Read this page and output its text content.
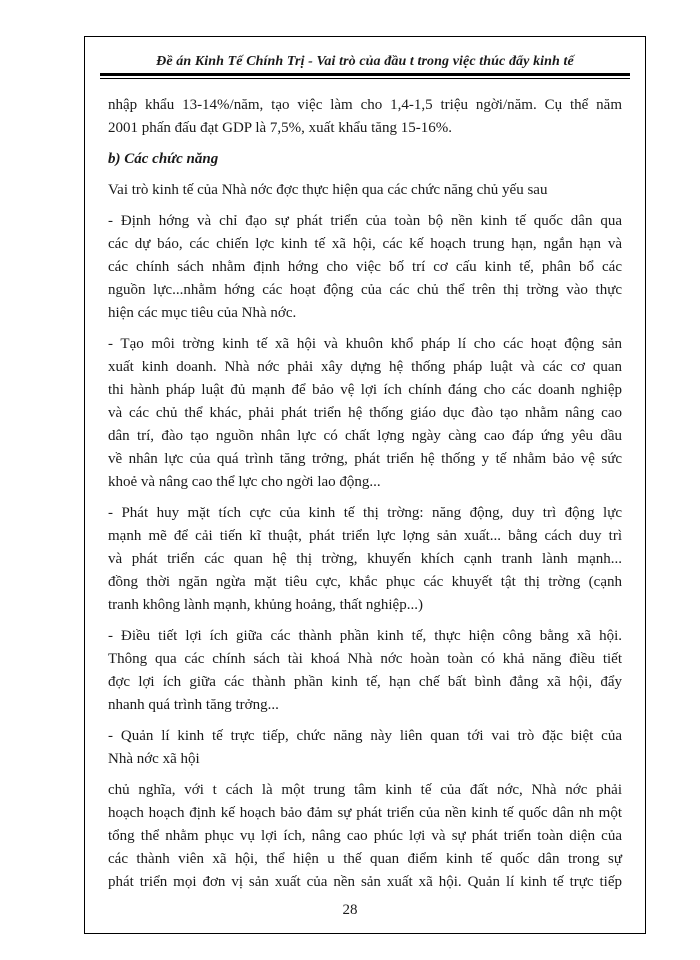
Đề án Kinh Tế Chính Trị - Vai trò của đầu t trong việc thúc đẩy kinh tế
nhập khẩu 13-14%/năm, tạo việc làm cho 1,4-1,5 triệu ngời/năm. Cụ thể năm
2001 phấn đấu đạt GDP là 7,5%, xuất khẩu tăng 15-16%.
b) Các chức năng
Vai trò kinh tế của Nhà nớc đợc thực hiện qua các chức năng chủ yếu sau
- Định hớng và chỉ đạo sự phát triển của toàn bộ nền kinh tế quốc dân qua
các dự báo, các chiến lợc kinh tế xã hội, các kế hoạch trung hạn, ngắn hạn và
các chính sách nhằm định hớng cho việc bố trí cơ cấu kinh tế, phân bổ các
nguồn lực...nhằm hớng các hoạt động của các chủ thể trên thị trờng vào thực
hiện các mục tiêu của Nhà nớc.
- Tạo môi trờng kinh tế xã hội và khuôn khổ pháp lí cho các hoạt động sản
xuất kinh doanh. Nhà nớc phải xây dựng hệ thống pháp luật và các cơ quan
thi hành pháp luật đủ mạnh để bảo vệ lợi ích chính đáng cho các doanh nghiệp
và các chủ thể khác, phải phát triển hệ thống giáo dục đào tạo nhằm nâng cao
dân trí, đào tạo nguồn nhân lực có chất lợng ngày càng cao đáp ứng yêu dầu
về nhân lực của quá trình tăng trởng, phát triển hệ thống y tế nhằm bảo vệ sức
khoẻ và nâng cao thể lực cho ngời lao động...
- Phát huy mặt tích cực của kinh tế thị trờng: năng động, duy trì động lực
mạnh mẽ để cải tiến kĩ thuật, phát triển lực lợng sản xuất... bằng cách duy trì
và phát triển các quan hệ thị trờng, khuyến khích cạnh tranh lành mạnh...
đồng thời ngăn ngừa mặt tiêu cực, khắc phục các khuyết tật thị trờng (cạnh
tranh không lành mạnh, khủng hoảng, thất nghiệp...)
- Điều tiết lợi ích giữa các thành phần kinh tế, thực hiện công bằng xã hội.
Thông qua các chính sách tài khoá Nhà nớc hoàn toàn có khả năng điều tiết
đợc lợi ích giữa các thành phần kinh tế, hạn chế bất bình đẳng xã hội, đẩy
nhanh quá trình tăng trởng...
- Quản lí kinh tế trực tiếp, chức năng này liên quan tới vai trò đặc biệt của
Nhà nớc xã hội
chủ nghĩa, với t cách là một trung tâm kinh tế của đất nớc, Nhà nớc phải
hoạch hoạch định kế hoạch bảo đảm sự phát triển của nền kinh tế quốc dân nh một
tổng thể nhằm phục vụ lợi ích, nâng cao phúc lợi và sự phát triển toàn diện của
các thành viên xã hội, thể hiện u thế quan điểm kinh tế quốc dân trong sự
phát triển mọi đơn vị sản xuất của nền sản xuất xã hội. Quản lí kinh tế trực tiếp
28
